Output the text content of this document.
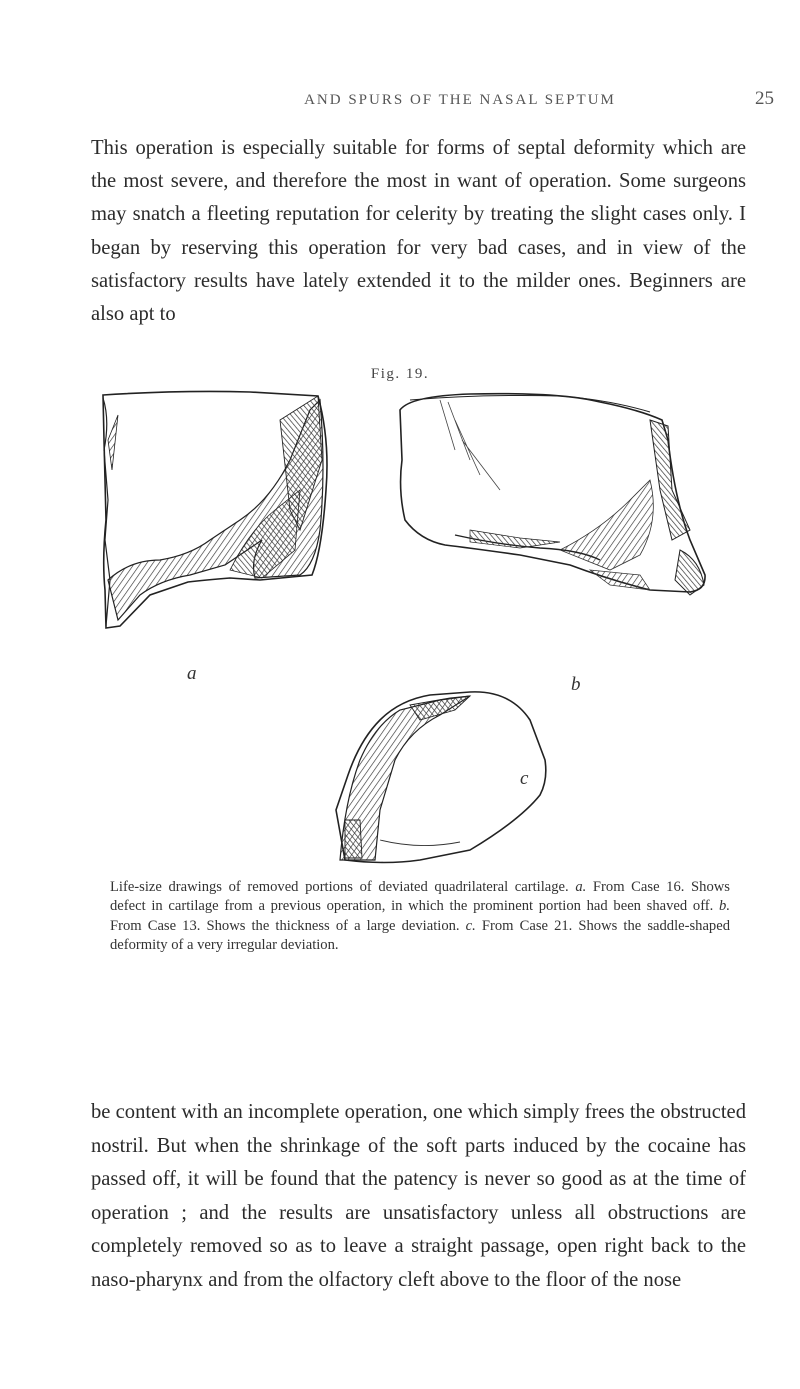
AND SPURS OF THE NASAL SEPTUM	25

This operation is especially suitable for forms of septal deformity which are the most severe, and therefore the most in want of operation. Some surgeons may snatch a fleeting reputation for celerity by treating the slight cases only. I began by reserving this operation for very bad cases, and in view of the satisfactory results have lately extended it to the milder ones. Beginners are also apt to

Fig. 19.
a
b
c

Life-size drawings of removed portions of deviated quadrilateral cartilage. a. From Case 16. Shows defect in cartilage from a previous operation, in which the prominent portion had been shaved off. b. From Case 13. Shows the thickness of a large deviation. c. From Case 21. Shows the saddle-shaped deformity of a very irregular deviation.

be content with an incomplete operation, one which simply frees the obstructed nostril. But when the shrinkage of the soft parts induced by the cocaine has passed off, it will be found that the patency is never so good as at the time of operation ; and the results are unsatisfactory unless all obstructions are completely removed so as to leave a straight passage, open right back to the naso-pharynx and from the olfactory cleft above to the floor of the nose
